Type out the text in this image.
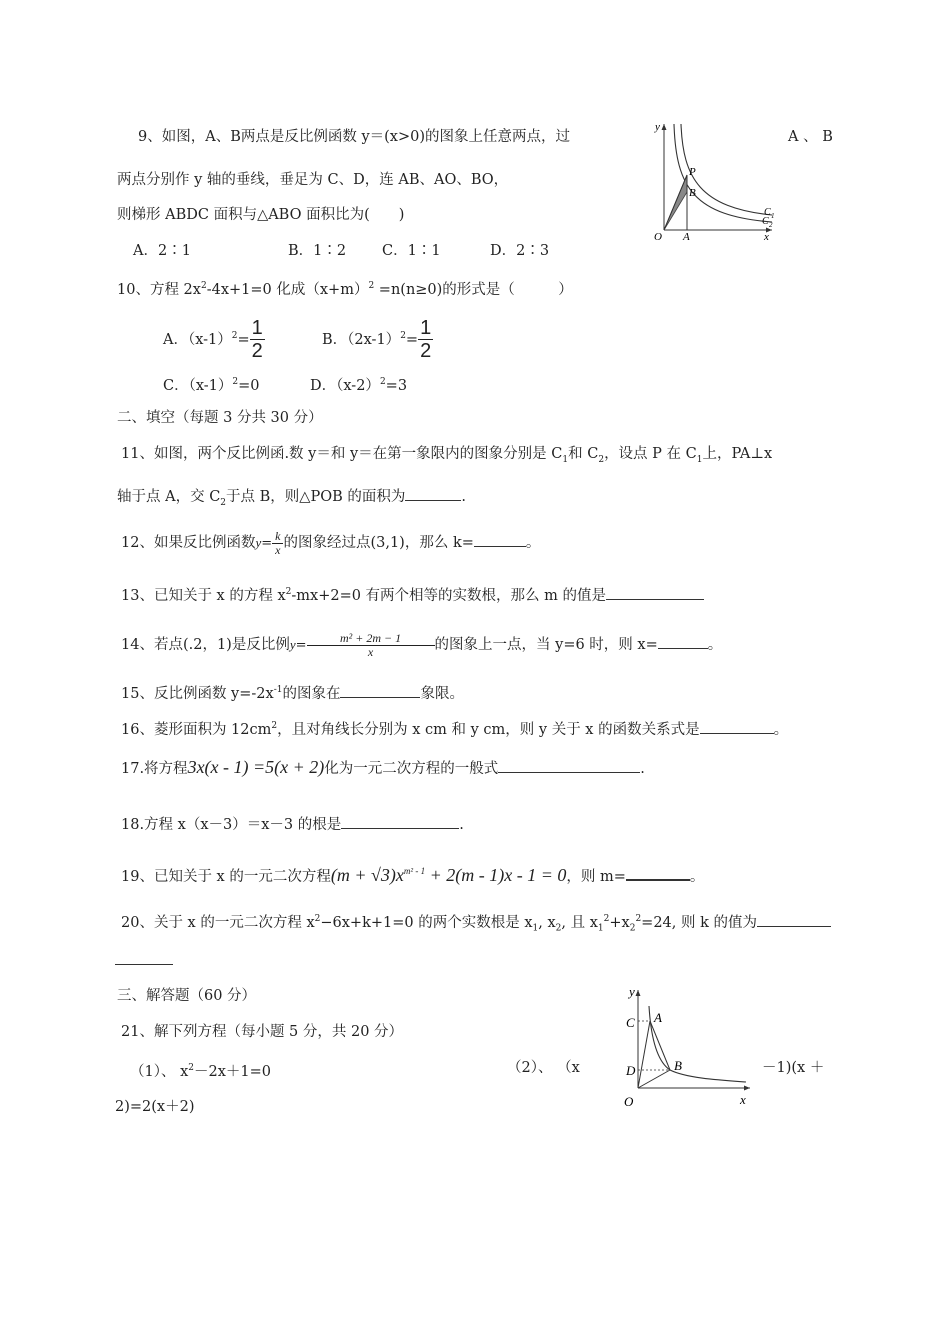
9、如图，A、B两点是反比例函数 y＝(x>0)的图象上任意两点，过	A 、 B
两点分别作 y 轴的垂线，垂足为 C、D，连 AB、AO、BO，
则梯形 ABDC 面积与△ABO 面积比为(　　)
A．2∶1	B．1∶2 C．1∶1	D．2∶3
y
x
O A
P
B
C 1
C 2
10、方程 $2x^2-4x+1=0$ 化成$(x+m)^2 =n(n\ge 0)$的形式是（　　　）
A．$(x-1)^2= \frac{1}{2}$	B．$(2x-1)^2= \frac{1}{2}$
C．$(x-1)^2=0$	D．$(x-2)^2=3$
二、填空（每题 3 分共 30 分）
11、如图，两个反比例函.数 y＝和 y＝在第一象限内的图象分别是 $C_1$和 $C_2$，设点 P 在 $C_1$上，PA⊥x
轴于点 A，交 $C_2$于点 B，则△POB 的面积为	.
12、如果反比例函数$y= \frac{k}{x}$ 的图象经过点(3,1)，那么 k=	。
13、已知关于 x 的方程 $x^2-mx+2=0$ 有两个相等的实数根，那么 m 的值是
14、若点(.2，1)是反比例$y= \frac{\text{m² + 2m − 1}}{x}$ 的图象上一点，当 y=6 时，则 x=	。
15、反比例函数 $y=-2x^{-1}$的图象在	象限。
16、菱形面积为 $12cm^2$，且对角线长分别为 x cm 和 y cm，则 y 关于 x 的函数关系式是	。
17.将方程3x(x - 1) =5(x + 2)化为一元二次方程的一般式	.
18.方程 x（x－3）＝x－3 的根是	.
19、已知关于 x 的一元二次方程$(m + √3)x^{m^2 - 1} + 2(m - 1)x - 1 = 0$，则 m=	。
20、关于 x 的一元二次方程 $x^2-6x+k+1=0$ 的两个实数根是 $x_1$, $x_2$, 且 $x_1^2+x_2^2=24$, 则 k 的值为
三、解答题（60 分）
21、解下列方程（每小题 5 分，共 20 分）
（1）、 $x^2-2x+1=0$	（2）、 （x	－1)(x ＋
2)=2(x＋2)
y
x
O
C
D
A
B
